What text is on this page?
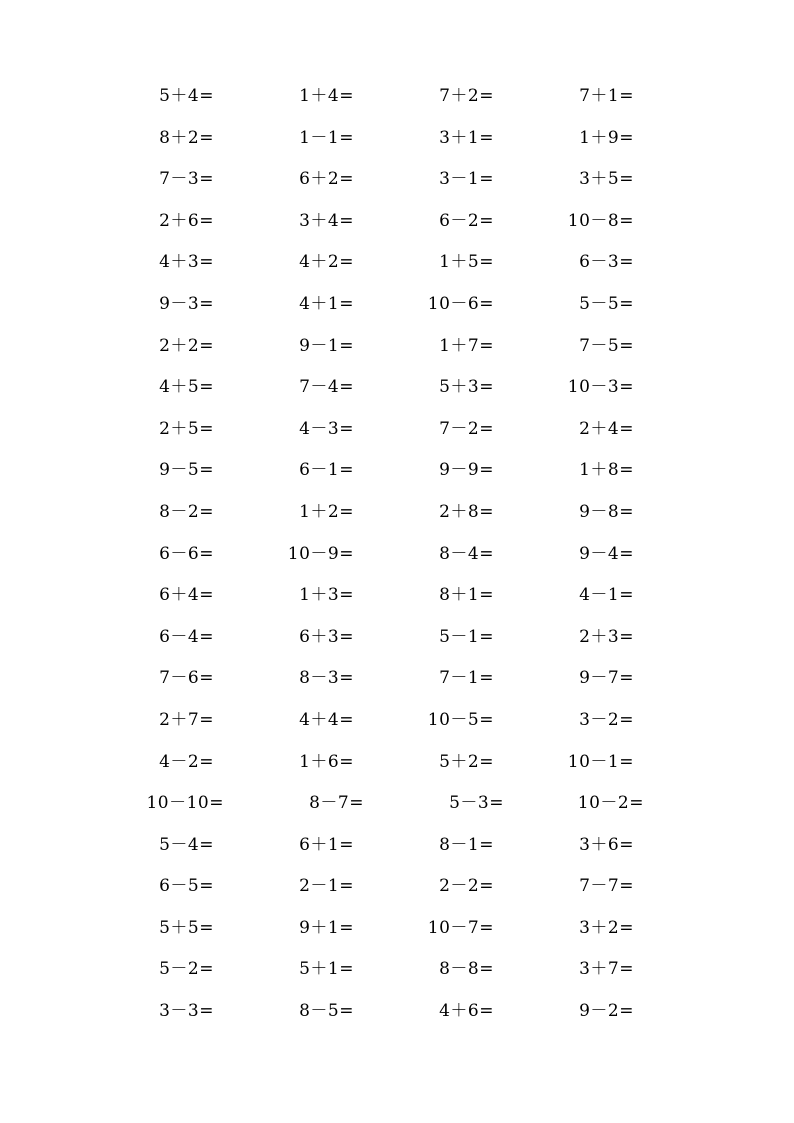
5＋4=	1＋4=	7＋2=	7＋1=
8＋2=	1－1=	3＋1=	1＋9=
7－3=	6＋2=	3－1=	3＋5=
2＋6=	3＋4=	6－2=	10－8=
4＋3=	4＋2=	1＋5=	6－3=
9－3=	4＋1=	10－6=	5－5=
2＋2=	9－1=	1＋7=	7－5=
4＋5=	7－4=	5＋3=	10－3=
2＋5=	4－3=	7－2=	2＋4=
9－5=	6－1=	9－9=	1＋8=
8－2=	1＋2=	2＋8=	9－8=
6－6=	10－9=	8－4=	9－4=
6＋4=	1＋3=	8＋1=	4－1=
6－4=	6＋3=	5－1=	2＋3=
7－6=	8－3=	7－1=	9－7=
2＋7=	4＋4=	10－5=	3－2=
4－2=	1＋6=	5＋2=	10－1=
10－10=	8－7=	5－3=	10－2=
5－4=	6＋1=	8－1=	3＋6=
6－5=	2－1=	2－2=	7－7=
5＋5=	9＋1=	10－7=	3＋2=
5－2=	5＋1=	8－8=	3＋7=
3－3=	8－5=	4＋6=	9－2=
